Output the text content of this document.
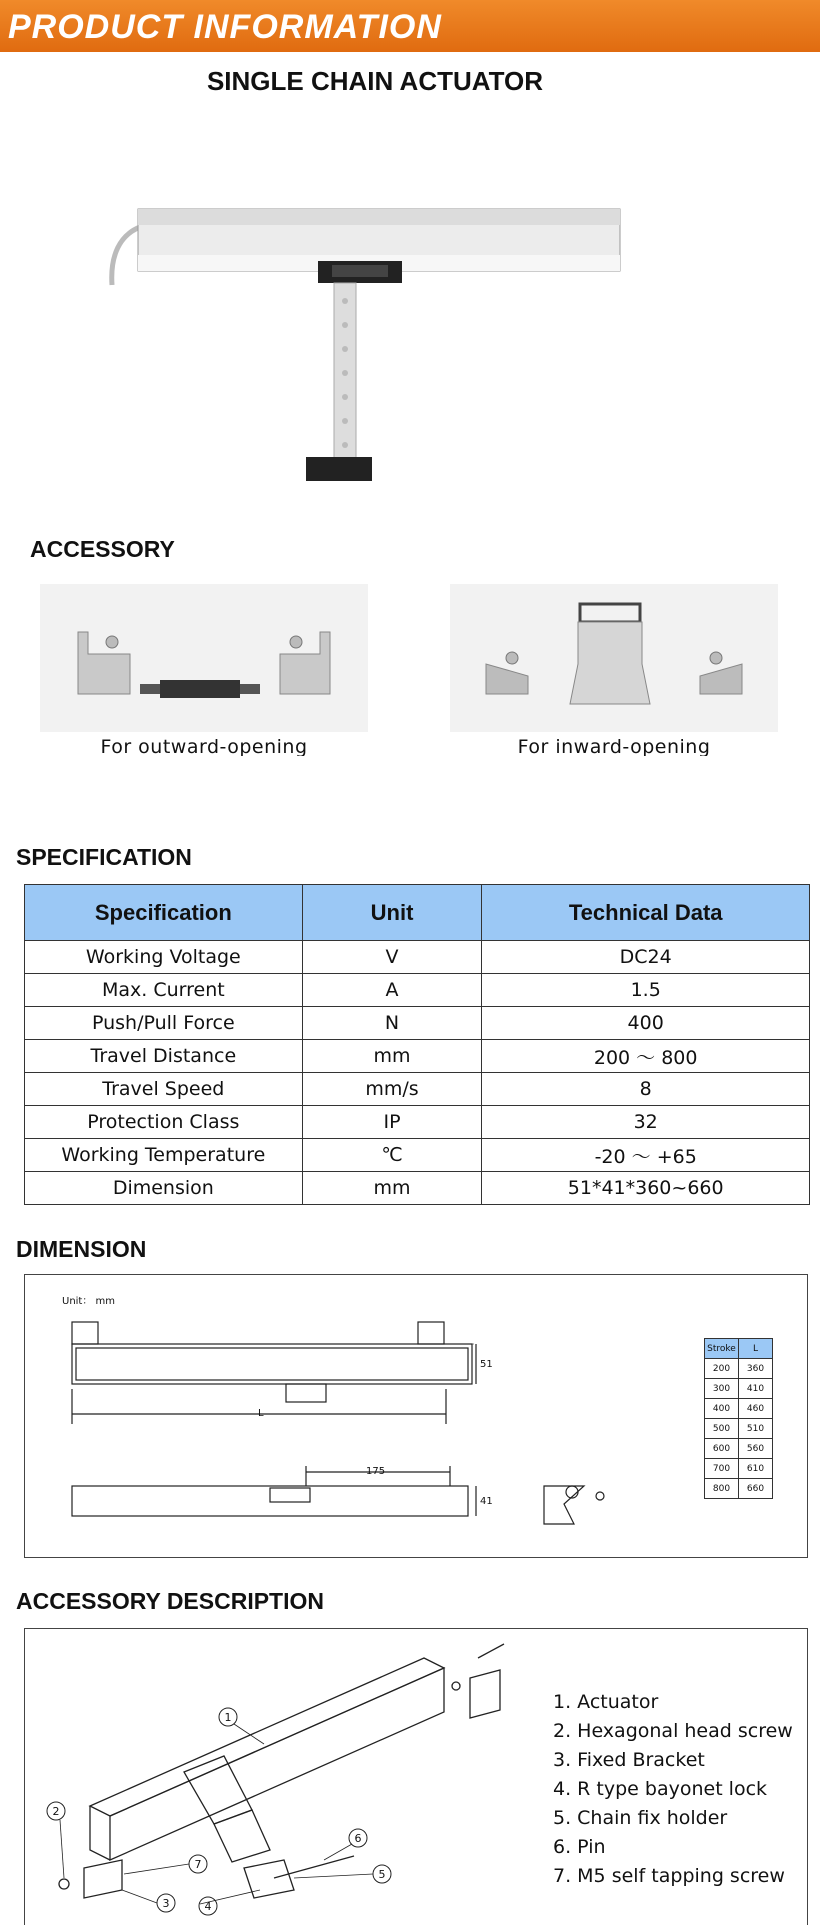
PRODUCT INFORMATION
SINGLE CHAIN ACTUATOR
ACCESSORY
For outward-opening	For inward-opening
SPECIFICATION
Specification	Unit	Technical Data
Working Voltage	V	DC24
Max. Current	A	1.5
Push/Pull Force	N	400
Travel Distance	mm	200 ～ 800
Travel Speed	mm/s	8
Protection Class	IP	32
Working Temperature	℃	-20 ～ +65
Dimension	mm	51*41*360~660
DIMENSION
Unit： mm
51
L
175
41
Stroke	L
200	360
300	410
400	460
500	510
600	560
700	610
800	660
ACCESSORY DESCRIPTION
1
2
3	4
5
6
7
1. Actuator
2. Hexagonal head screw
3. Fixed Bracket
4. R type bayonet lock
5. Chain fix holder
6. Pin
7. M5 self tapping screw
